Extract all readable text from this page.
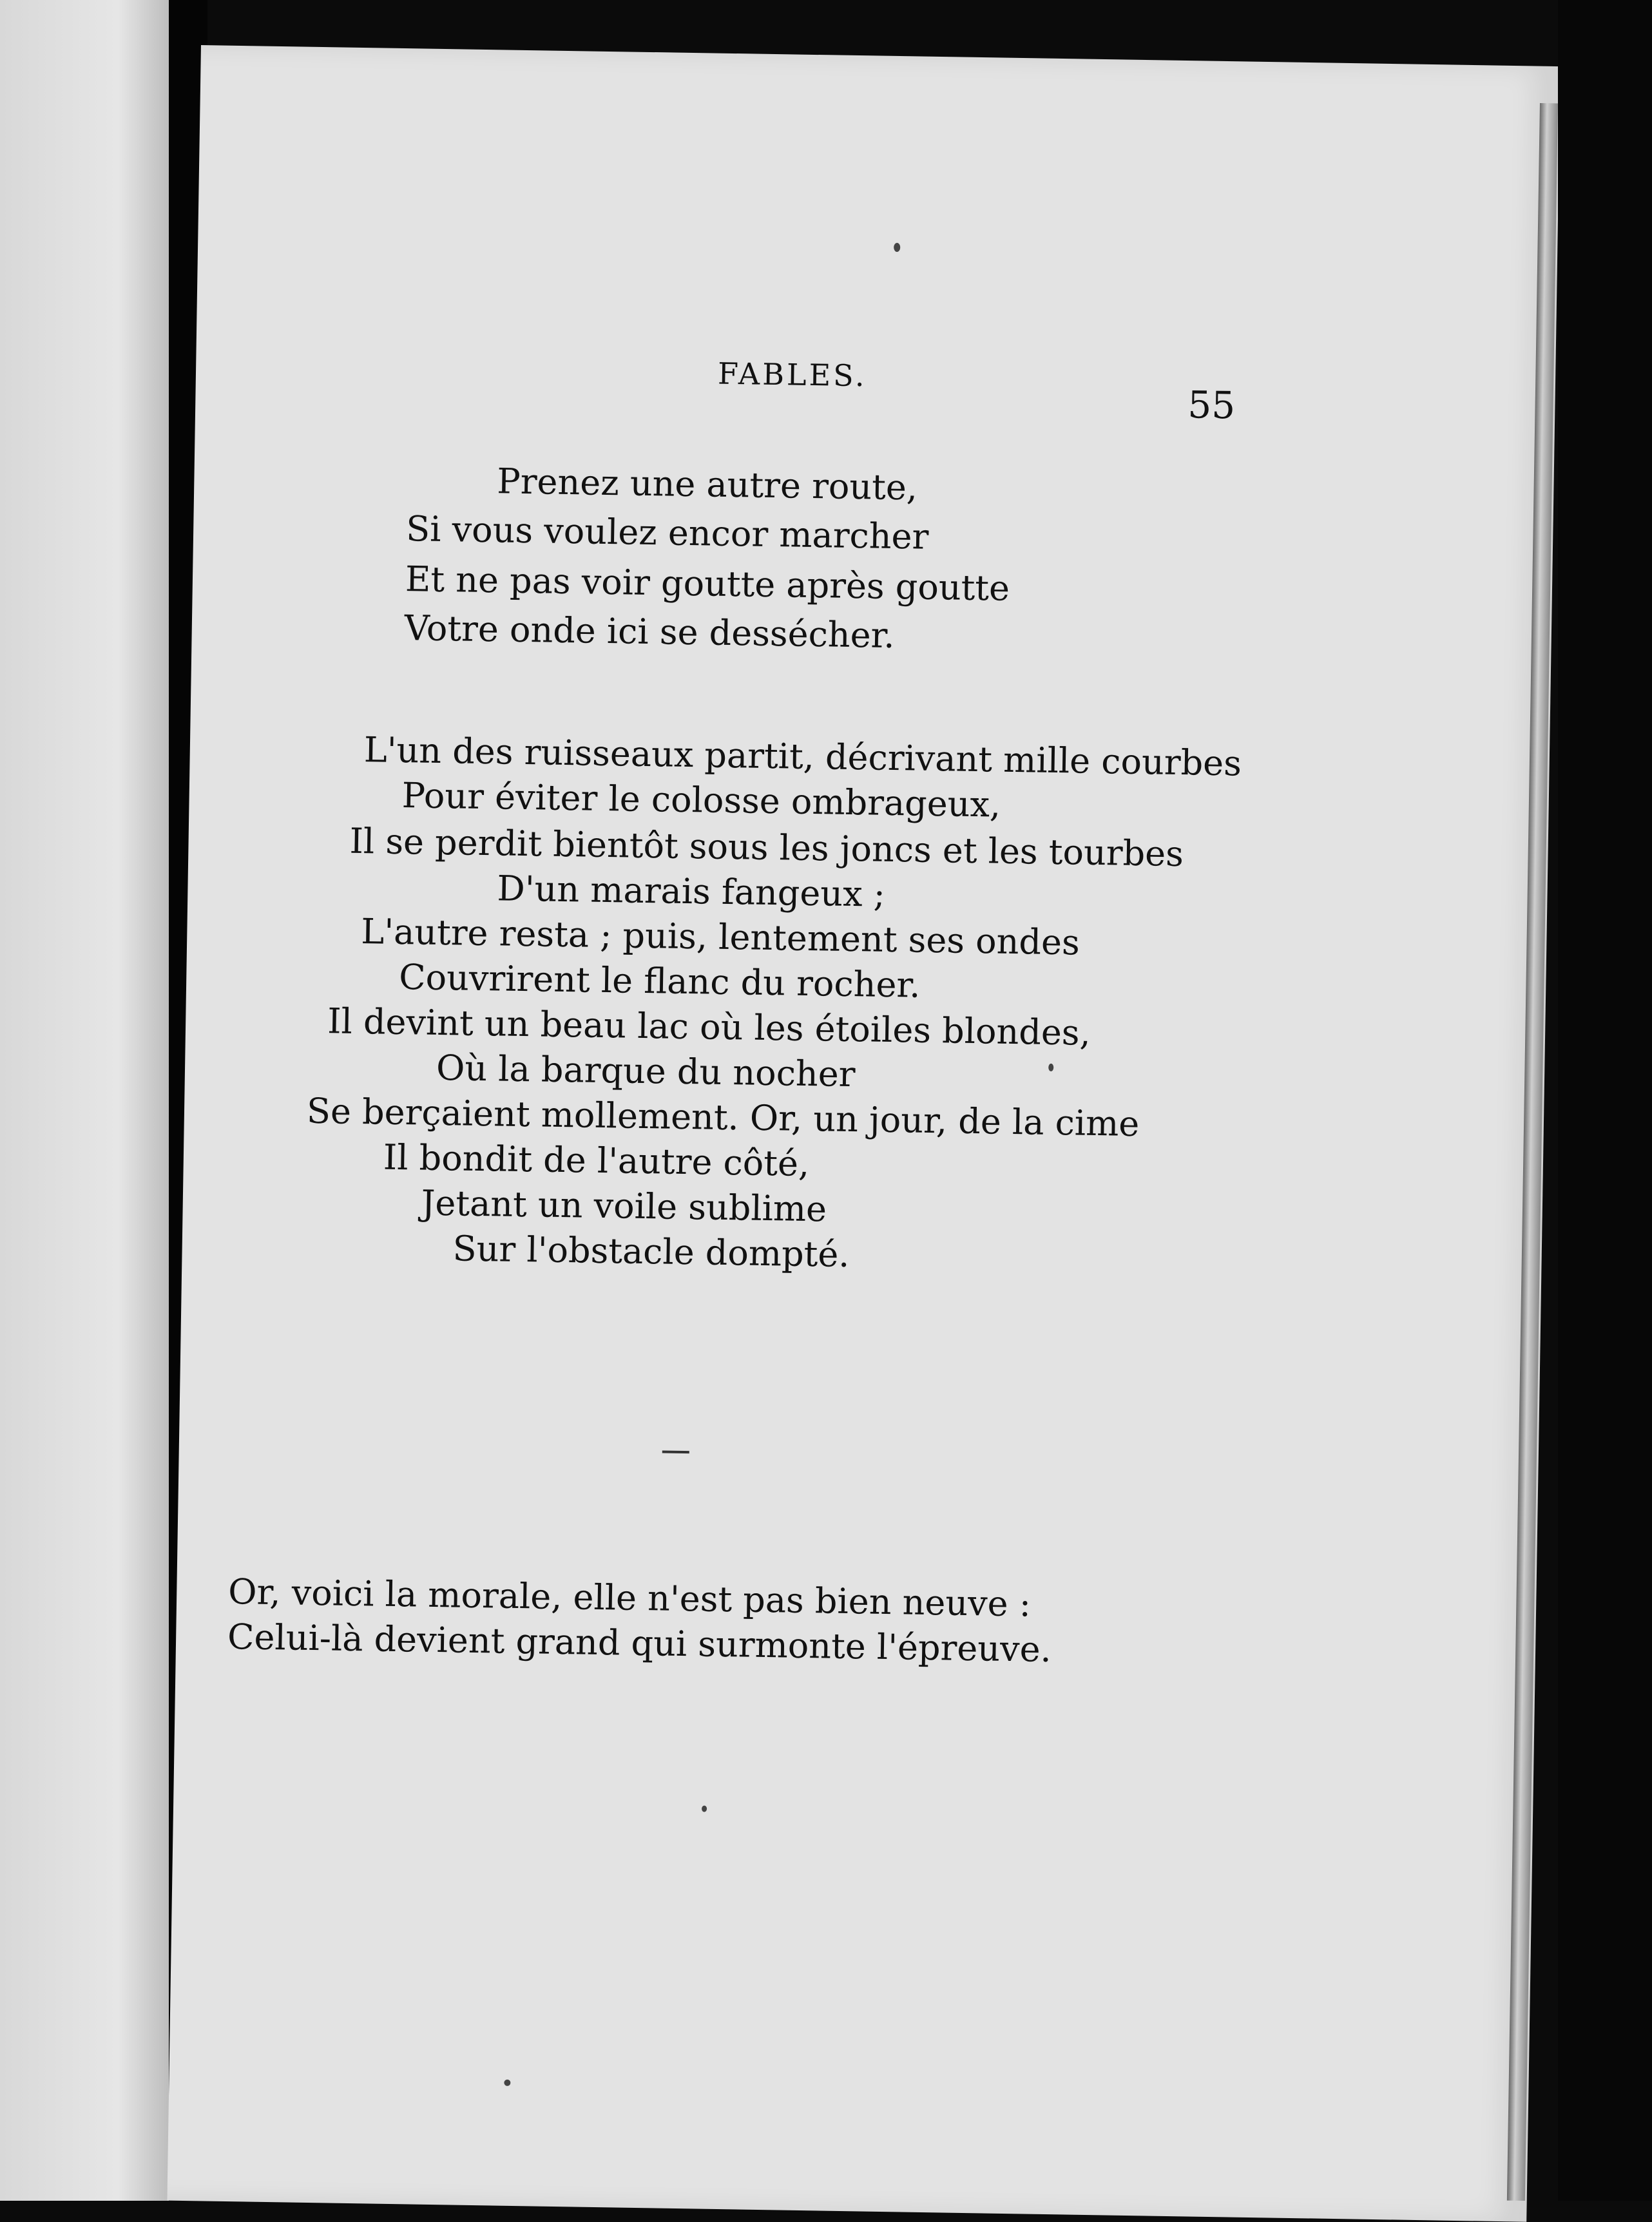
FABLES.
55
Prenez une autre route,
Si vous voulez encor marcher
Et ne pas voir goutte après goutte
Votre onde ici se dessécher.
L'un des ruisseaux partit, décrivant mille courbes
Pour éviter le colosse ombrageux,
Il se perdit bientôt sous les joncs et les tourbes
D'un marais fangeux ;
L'autre resta ; puis, lentement ses ondes
Couvrirent le flanc du rocher.
Il devint un beau lac où les étoiles blondes,
Où la barque du nocher
Se berçaient mollement. Or, un jour, de la cime
Il bondit de l'autre côté,
Jetant un voile sublime
Sur l'obstacle dompté.
Or, voici la morale, elle n'est pas bien neuve :
Celui-là devient grand qui surmonte l'épreuve.
